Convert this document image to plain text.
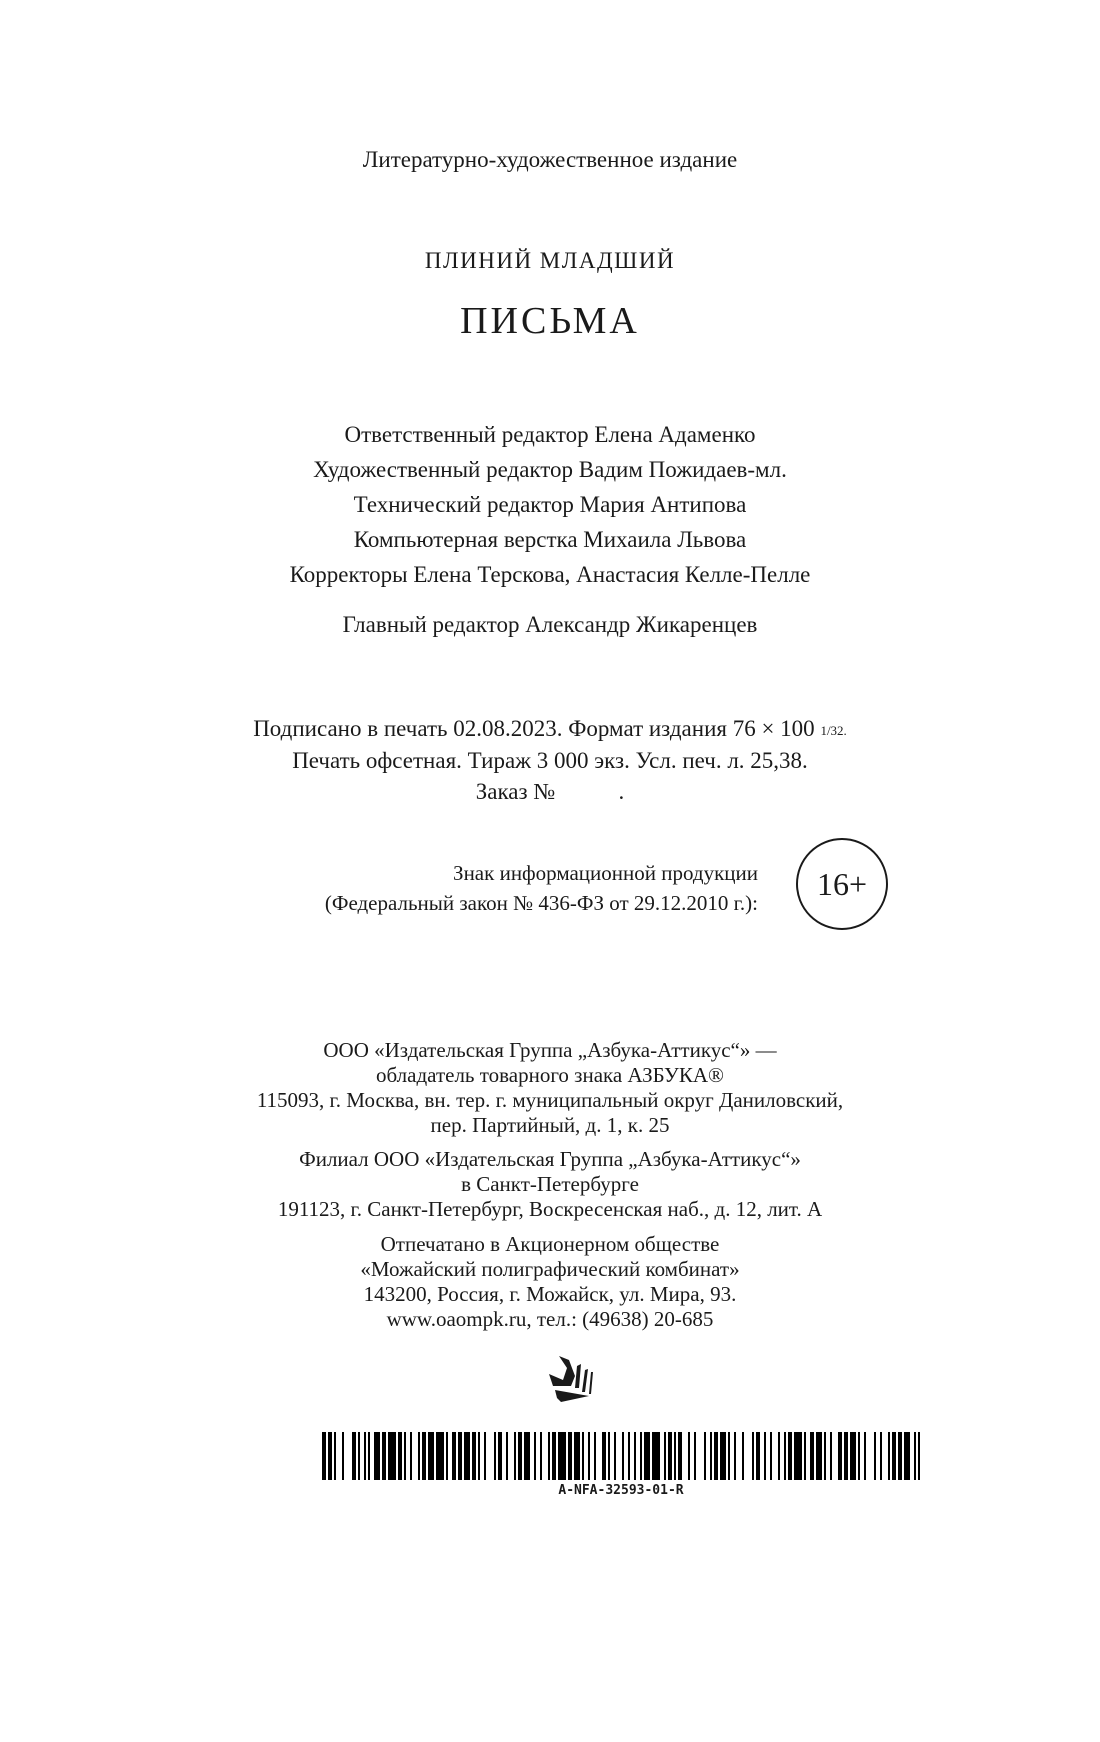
Литературно-художественное издание
ПЛИНИЙ МЛАДШИЙ
ПИСЬМА
Ответственный редактор Елена Адаменко
Художественный редактор Вадим Пожидаев-мл.
Технический редактор Мария Антипова
Компьютерная верстка Михаила Львова
Корректоры Елена Терскова, Анастасия Келле-Пелле
Главный редактор Александр Жикаренцев
Подписано в печать 02.08.2023. Формат издания 76 × 100 $^{1/32.}$
Печать офсетная. Тираж 3 000 экз. Усл. печ. л. 25,38.
Заказ №           .
Знак информационной продукции
(Федеральный закон № 436-ФЗ от 29.12.2010 г.):
16+
ООО «Издательская Группа „Азбука-Аттикус“» —
обладатель товарного знака АЗБУКА®
115093, г. Москва, вн. тер. г. муниципальный округ Даниловский,
пер. Партийный, д. 1, к. 25
Филиал ООО «Издательская Группа „Азбука-Аттикус“»
в Санкт-Петербурге
191123, г. Санкт-Петербург, Воскресенская наб., д. 12, лит. А
Отпечатано в Акционерном обществе
«Можайский полиграфический комбинат»
143200, Россия, г. Можайск, ул. Мира, 93.
www.oaompk.ru, тел.: (49638) 20-685
A-NFA-32593-01-R
